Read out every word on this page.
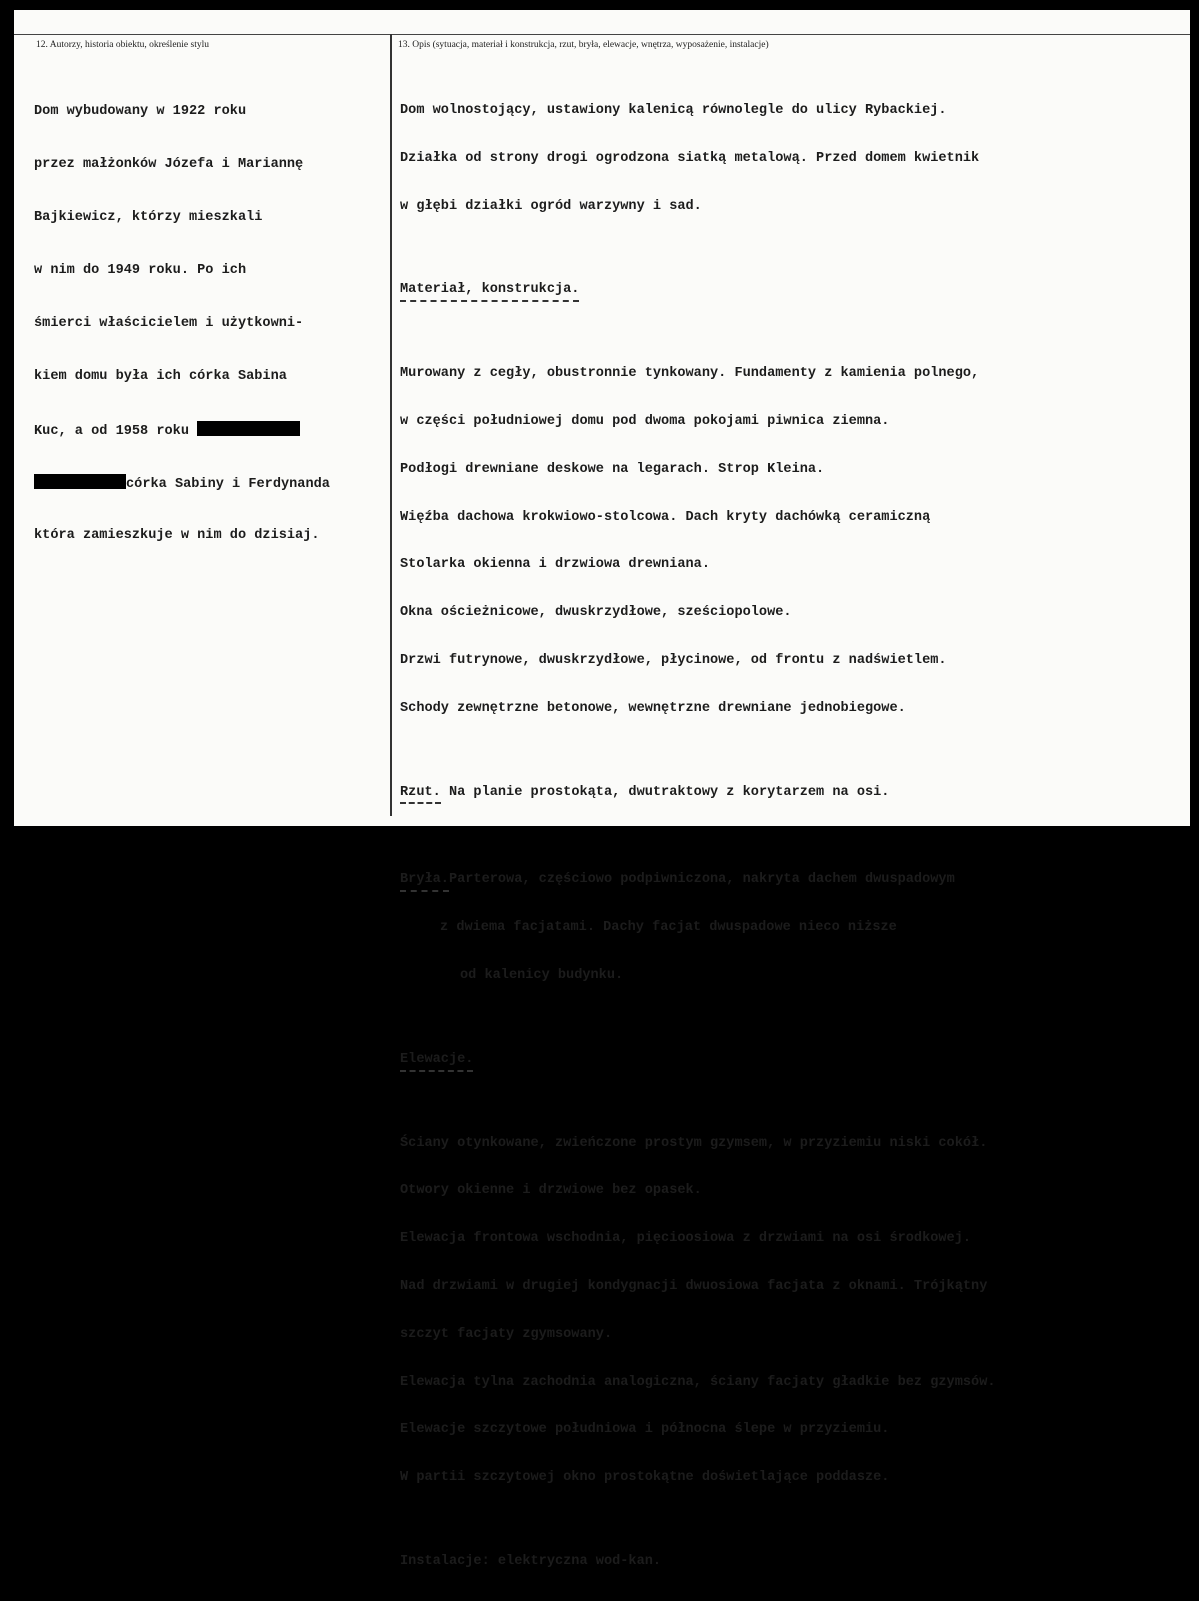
12. Autorzy, historia obiektu, określenie stylu	13. Opis (sytuacja, materiał i konstrukcja, rzut, bryła, elewacje, wnętrza, wyposażenie, instalacje)

Dom wybudowany w 1922 roku

przez małżonków Józefa i Mariannę

Bajkiewicz, którzy mieszkali

w nim do 1949 roku. Po ich

śmierci właścicielem i użytkowni-

kiem domu była ich córka Sabina

Kuc, a od 1958 roku

córka Sabiny i Ferdynanda

która zamieszkuje w nim do dzisiaj.

Dom wolnostojący, ustawiony kalenicą równolegle do ulicy Rybackiej.

Działka od strony drogi ogrodzona siatką metalową. Przed domem kwietnik

w głębi działki ogród warzywny i sad.

Materiał, konstrukcja.

Murowany z cegły, obustronnie tynkowany. Fundamenty z kamienia polnego,

w części południowej domu pod dwoma pokojami piwnica ziemna.

Podłogi drewniane deskowe na legarach. Strop Kleina.

Więźba dachowa krokwiowo-stolcowa. Dach kryty dachówką ceramiczną

Stolarka okienna i drzwiowa drewniana.

Okna ościeżnicowe, dwuskrzydłowe, sześciopolowe.

Drzwi futrynowe, dwuskrzydłowe, płycinowe, od frontu z nadświetlem.

Schody zewnętrzne betonowe, wewnętrzne drewniane jednobiegowe.

Rzut. Na planie prostokąta, dwutraktowy z korytarzem na osi.

Bryła.Parterowa, częściowo podpiwniczona, nakryta dachem dwuspadowym

z dwiema facjatami. Dachy facjat dwuspadowe nieco niższe

od kalenicy budynku.

Elewacje.

Ściany otynkowane, zwieńczone prostym gzymsem, w przyziemiu niski cokół.

Otwory okienne i drzwiowe bez opasek.

Elewacja frontowa wschodnia, pięcioosiowa z drzwiami na osi środkowej.

Nad drzwiami w drugiej kondygnacji dwuosiowa facjata z oknami. Trójkątny

szczyt facjaty zgymsowany.

Elewacja tylna zachodnia analogiczna, ściany facjaty gładkie bez gzymsów.

Elewacje szczytowe południowa i północna ślepe w przyziemiu.

W partii szczytowej okno prostokątne doświetlające poddasze.

Instalacje: elektryczna wod-kan.
